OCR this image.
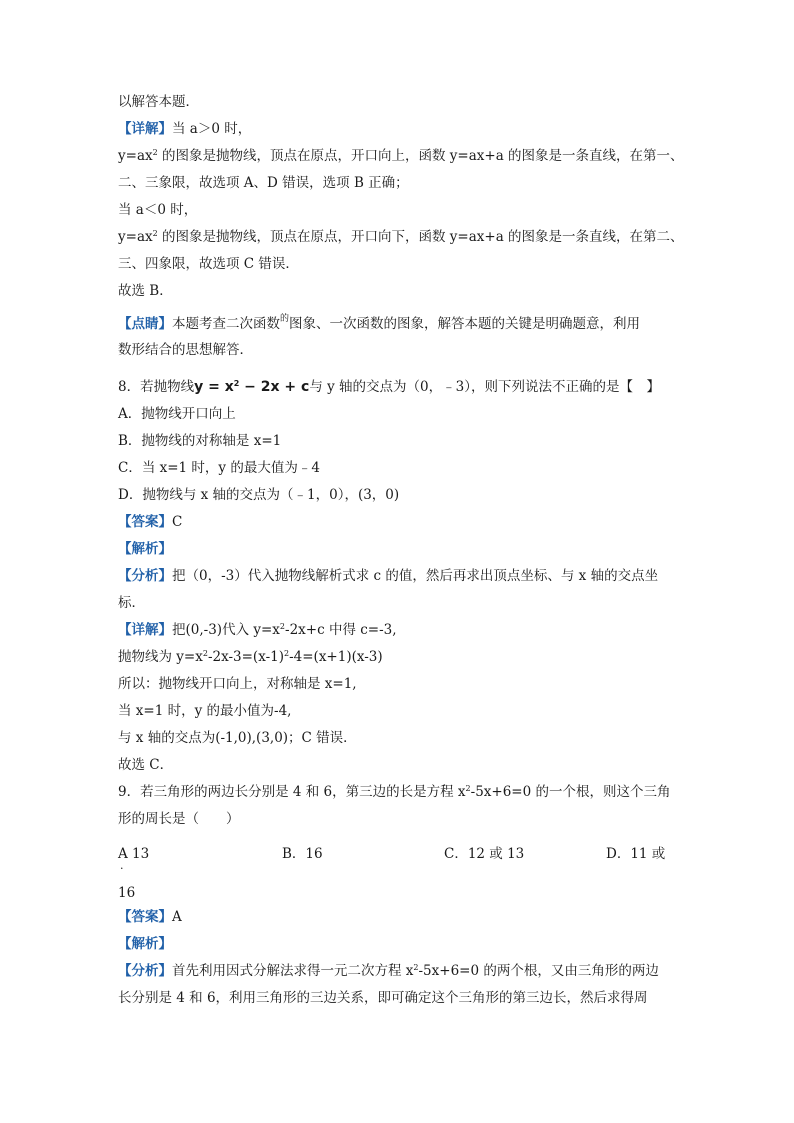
以解答本题．
【详解】当 a＞0 时，
$y=ax^2$ 的图象是抛物线，顶点在原点，开口向上，函数 y=ax+a 的图象是一条直线，在第一、
二、三象限，故选项 A、D 错误，选项 B 正确；
当 a＜0 时，
$y=ax^2$ 的图象是抛物线，顶点在原点，开口向下，函数 y=ax+a 的图象是一条直线，在第二、
三、四象限，故选项 C 错误．
故选 B．
【点睛】本题考查二次函数$^的$图象、一次函数的图象，解答本题的关键是明确题意，利用
数形结合的思想解答．
8．若抛物线$y = x^2 - 2x + c$与 y 轴的交点为（0，﹣3），则下列说法不正确的是【　】
A．抛物线开口向上
B．抛物线的对称轴是 x=1
C．当 x=1 时，y 的最大值为﹣4
D．抛物线与 x 轴的交点为（﹣1，0），(3，0)
【答案】C
【解析】
【分析】把（0，-3）代入抛物线解析式求 c 的值，然后再求出顶点坐标、与 x 轴的交点坐
标．
【详解】把(0,-3)代入 $y=x^2-2x+c$ 中得 c=-3,
抛物线为 $y=x^2-2x-3=(x-1)^2-4=(x+1)(x-3)$
所以：抛物线开口向上，对称轴是 x=1,
当 x=1 时，y 的最小值为-4,
与 x 轴的交点为(-1,0),(3,0)；C 错误．
故选 C．
9．若三角形的两边长分别是 4 和 6，第三边的长是方程 $x^2-5x+6=0$ 的一个根，则这个三角
形的周长是（　　）
A 13
.
B．16	C．12 或 13	D．11 或
16
【答案】A
【解析】
【分析】首先利用因式分解法求得一元二次方程 $x^2-5x+6=0$ 的两个根，又由三角形的两边
长分别是 4 和 6，利用三角形的三边关系，即可确定这个三角形的第三边长，然后求得周
